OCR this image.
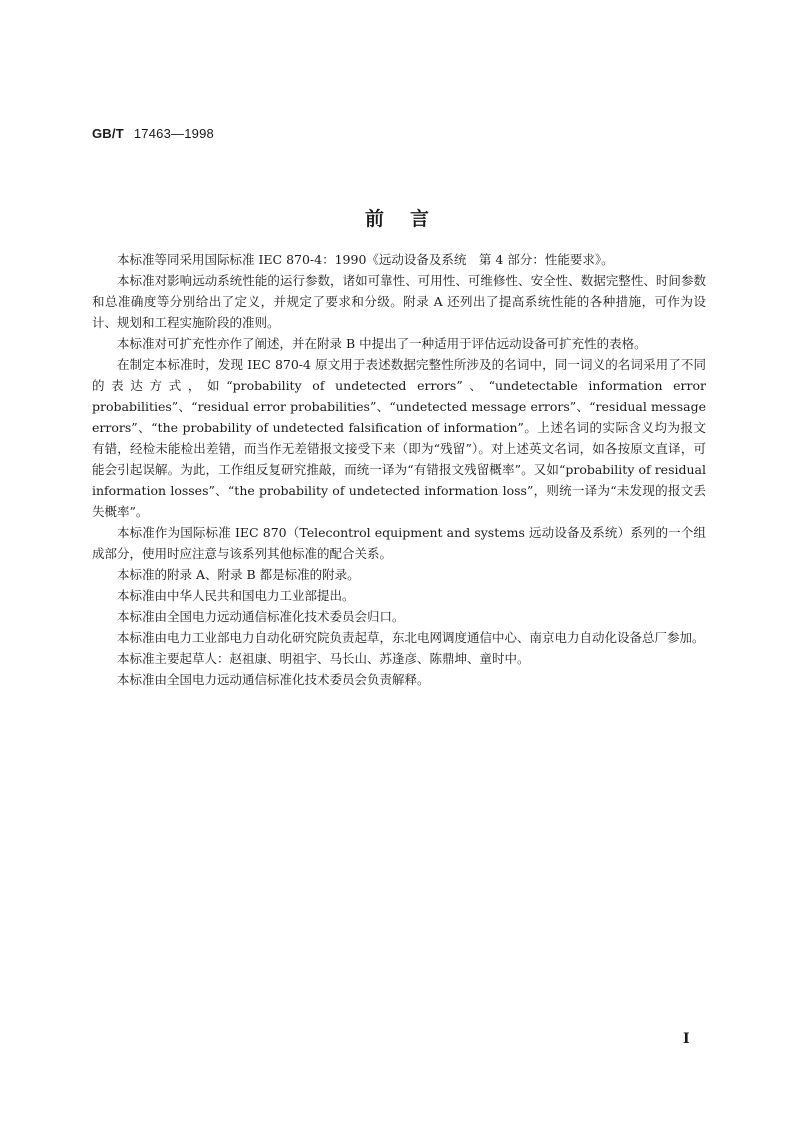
GB/T 17463—1998
前言

本标准等同采用国际标准 IEC 870-4：1990《远动设备及系统　第 4 部分：性能要求》。

本标准对影响远动系统性能的运行参数，诸如可靠性、可用性、可维修性、安全性、数据完整性、时间参数和总准确度等分别给出了定义，并规定了要求和分级。附录 A 还列出了提高系统性能的各种措施，可作为设计、规划和工程实施阶段的准则。

本标准对可扩充性亦作了阐述，并在附录 B 中提出了一种适用于评估远动设备可扩充性的表格。

在制定本标准时，发现 IEC 870-4 原文用于表述数据完整性所涉及的名词中，同一词义的名词采用了不同的表达方式，如“probability of undetected errors”、“undetectable information error probabilities”、“residual error probabilities”、“undetected message errors”、“residual message errors”、“the probability of undetected falsification of information”。上述名词的实际含义均为报文有错，经检未能检出差错，而当作无差错报文接受下来（即为“残留”）。对上述英文名词，如各按原文直译，可能会引起误解。为此，工作组反复研究推敲，而统一译为“有错报文残留概率”。又如“probability of residual information losses”、“the probability of undetected information loss”，则统一译为“未发现的报文丢失概率”。

本标准作为国际标准 IEC 870（Telecontrol equipment and systems 远动设备及系统）系列的一个组成部分，使用时应注意与该系列其他标准的配合关系。

本标准的附录 A、附录 B 都是标准的附录。

本标准由中华人民共和国电力工业部提出。

本标准由全国电力远动通信标准化技术委员会归口。

本标准由电力工业部电力自动化研究院负责起草，东北电网调度通信中心、南京电力自动化设备总厂参加。

本标准主要起草人：赵祖康、明祖宇、马长山、苏逢彦、陈鼎坤、童时中。

本标准由全国电力远动通信标准化技术委员会负责解释。

Ⅰ
